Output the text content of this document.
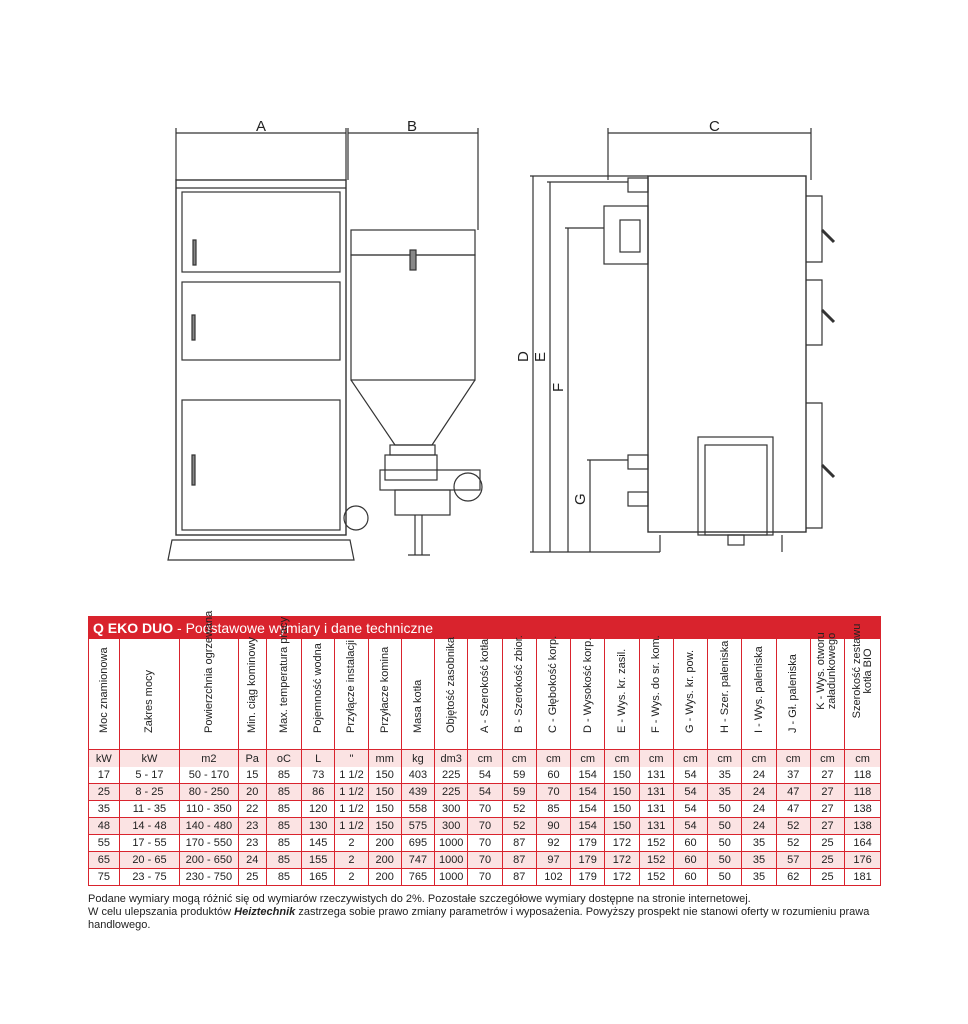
A	B	C
D E
F
G
Q EKO DUO - Podstawowe wymiary i dane techniczne
Moc znamionowa	Zakres mocy	Powierzchnia ogrzewana	Min. ciąg kominowy	Max. temperatura pracy	Pojemność wodna	Przyłącze instalacji	Przyłacze komina	Masa kotła	Objętość zasobnika	A - Szerokość kotła	B - Szerokość zbior.	C - Głębokość korp.	D - Wysokość korp.	E - Wys. kr. zasil.	F - Wys. do sr. kom.	G - Wys. kr. pow.	H - Szer. paleniska	I - Wys. paleniska	J - Gł. paleniska	K - Wys. otworu załadunkowego	Szerokość zestawu kotła BIO

kW	kW	m2	Pa	oC	L	"	mm	kg	dm3	cm	cm	cm	cm	cm	cm	cm	cm	cm	cm	cm	cm
17	5 - 17	50 - 170	15	85	73	1 1/2	150	403	225	54	59	60	154	150	131	54	35	24	37	27	118
25	8 - 25	80 - 250	20	85	86	1 1/2	150	439	225	54	59	70	154	150	131	54	35	24	47	27	118
35	11 - 35	110 - 350	22	85	120	1 1/2	150	558	300	70	52	85	154	150	131	54	50	24	47	27	138
48	14 - 48	140 - 480	23	85	130	1 1/2	150	575	300	70	52	90	154	150	131	54	50	24	52	27	138
55	17 - 55	170 - 550	23	85	145	2	200	695	1000	70	87	92	179	172	152	60	50	35	52	25	164
65	20 - 65	200 - 650	24	85	155	2	200	747	1000	70	87	97	179	172	152	60	50	35	57	25	176
75	23 - 75	230 - 750	25	85	165	2	200	765	1000	70	87	102	179	172	152	60	50	35	62	25	181
Podane wymiary mogą różnić się od wymiarów rzeczywistych do 2%. Pozostałe szczegółowe wymiary dostępne na stronie internetowej.
W celu ulepszania produktów Heiztechnik zastrzega sobie prawo zmiany parametrów i wyposażenia. Powyższy prospekt nie stanowi oferty w rozumieniu prawa handlowego.
